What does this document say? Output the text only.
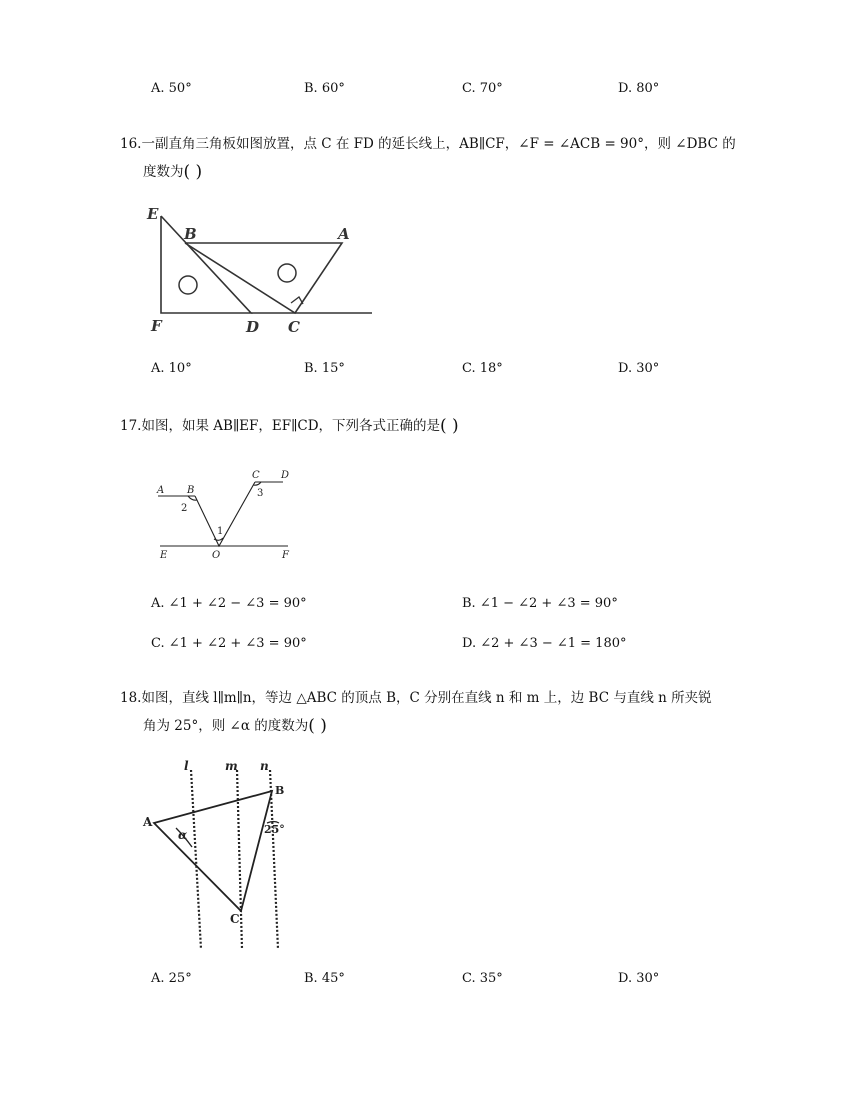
A. 50°	B. 60°	C. 70°	D. 80°
16.一副直角三角板如图放置，点 C 在 FD 的延长线上，AB∥CF，∠F = ∠ACB = 90°，则 ∠DBC 的
度数为( )
E
B	A
F	D C
A. 10°	B. 15°	C. 18°	D. 30°
17.如图，如果 AB∥EF，EF∥CD，下列各式正确的是( )
A B
C D
E	O	F
1
2
3
A. ∠1 + ∠2 − ∠3 = 90°	B. ∠1 − ∠2 + ∠3 = 90°
C. ∠1 + ∠2 + ∠3 = 90°	D. ∠2 + ∠3 − ∠1 = 180°
18.如图，直线 l∥m∥n，等边 △ABC 的顶点 B，C 分别在直线 n 和 m 上，边 BC 与直线 n 所夹锐
角为 25°，则 ∠α 的度数为( )
l	m n
A
B
C
α	25°
A. 25°	B. 45°	C. 35°	D. 30°
